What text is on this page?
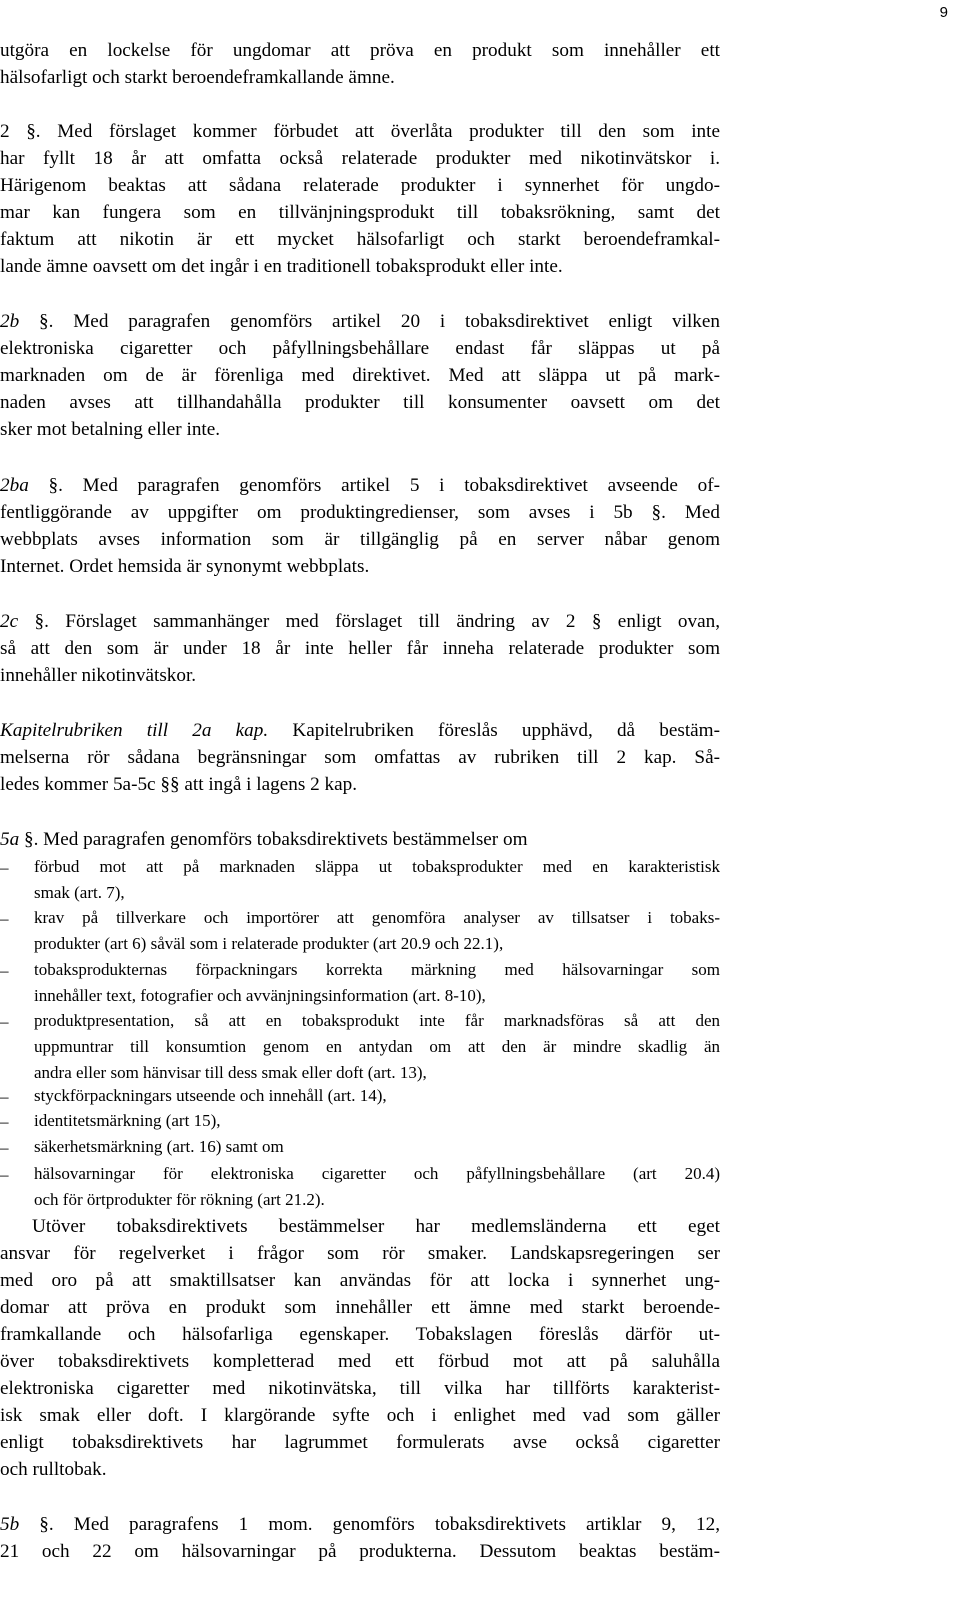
9
utgöra en lockelse för ungdomar att pröva en produkt som innehåller ett
hälsofarligt och starkt beroendeframkallande ämne.
2 §. Med förslaget kommer förbudet att överlåta produkter till den som inte
har fyllt 18 år att omfatta också relaterade produkter med nikotinvätskor i.
Härigenom beaktas att sådana relaterade produkter i synnerhet för ungdo-
mar kan fungera som en tillvänjningsprodukt till tobaksrökning, samt det
faktum att nikotin är ett mycket hälsofarligt och starkt beroendeframkal-
lande ämne oavsett om det ingår i en traditionell tobaksprodukt eller inte.
2b §. Med paragrafen genomförs artikel 20 i tobaksdirektivet enligt vilken
elektroniska cigaretter och påfyllningsbehållare endast får släppas ut på
marknaden om de är förenliga med direktivet. Med att släppa ut på mark-
naden avses att tillhandahålla produkter till konsumenter oavsett om det
sker mot betalning eller inte.
2ba §. Med paragrafen genomförs artikel 5 i tobaksdirektivet avseende of-
fentliggörande av uppgifter om produktingredienser, som avses i 5b §. Med
webbplats avses information som är tillgänglig på en server nåbar genom
Internet. Ordet hemsida är synonymt webbplats.
2c §. Förslaget sammanhänger med förslaget till ändring av 2 § enligt ovan,
så att den som är under 18 år inte heller får inneha relaterade produkter som
innehåller nikotinvätskor.
Kapitelrubriken till 2a kap. Kapitelrubriken föreslås upphävd, då bestäm-
melserna rör sådana begränsningar som omfattas av rubriken till 2 kap. Så-
ledes kommer 5a-5c §§ att ingå i lagens 2 kap.
5a §. Med paragrafen genomförs tobaksdirektivets bestämmelser om
– förbud mot att på marknaden släppa ut tobaksprodukter med en karakteristisk
smak (art. 7),
– krav på tillverkare och importörer att genomföra analyser av tillsatser i tobaks-
produkter (art 6) såväl som i relaterade produkter (art 20.9 och 22.1),
– tobaksprodukternas förpackningars korrekta märkning med hälsovarningar som
innehåller text, fotografier och avvänjningsinformation (art. 8-10),
– produktpresentation, så att en tobaksprodukt inte får marknadsföras så att den
uppmuntrar till konsumtion genom en antydan om att den är mindre skadlig än
andra eller som hänvisar till dess smak eller doft (art. 13),
– styckförpackningars utseende och innehåll (art. 14),
– identitetsmärkning (art 15),
– säkerhetsmärkning (art. 16) samt om
– hälsovarningar för elektroniska cigaretter och påfyllningsbehållare (art 20.4)
och för örtprodukter för rökning (art 21.2).
Utöver tobaksdirektivets bestämmelser har medlemsländerna ett eget
ansvar för regelverket i frågor som rör smaker. Landskapsregeringen ser
med oro på att smaktillsatser kan användas för att locka i synnerhet ung-
domar att pröva en produkt som innehåller ett ämne med starkt beroende-
framkallande och hälsofarliga egenskaper. Tobakslagen föreslås därför ut-
över tobaksdirektivets kompletterad med ett förbud mot att på saluhålla
elektroniska cigaretter med nikotinvätska, till vilka har tillförts karakterist-
isk smak eller doft. I klargörande syfte och i enlighet med vad som gäller
enligt tobaksdirektivets har lagrummet formulerats avse också cigaretter
och rulltobak.
5b §. Med paragrafens 1 mom. genomförs tobaksdirektivets artiklar 9, 12,
21 och 22 om hälsovarningar på produkterna. Dessutom beaktas bestäm-
